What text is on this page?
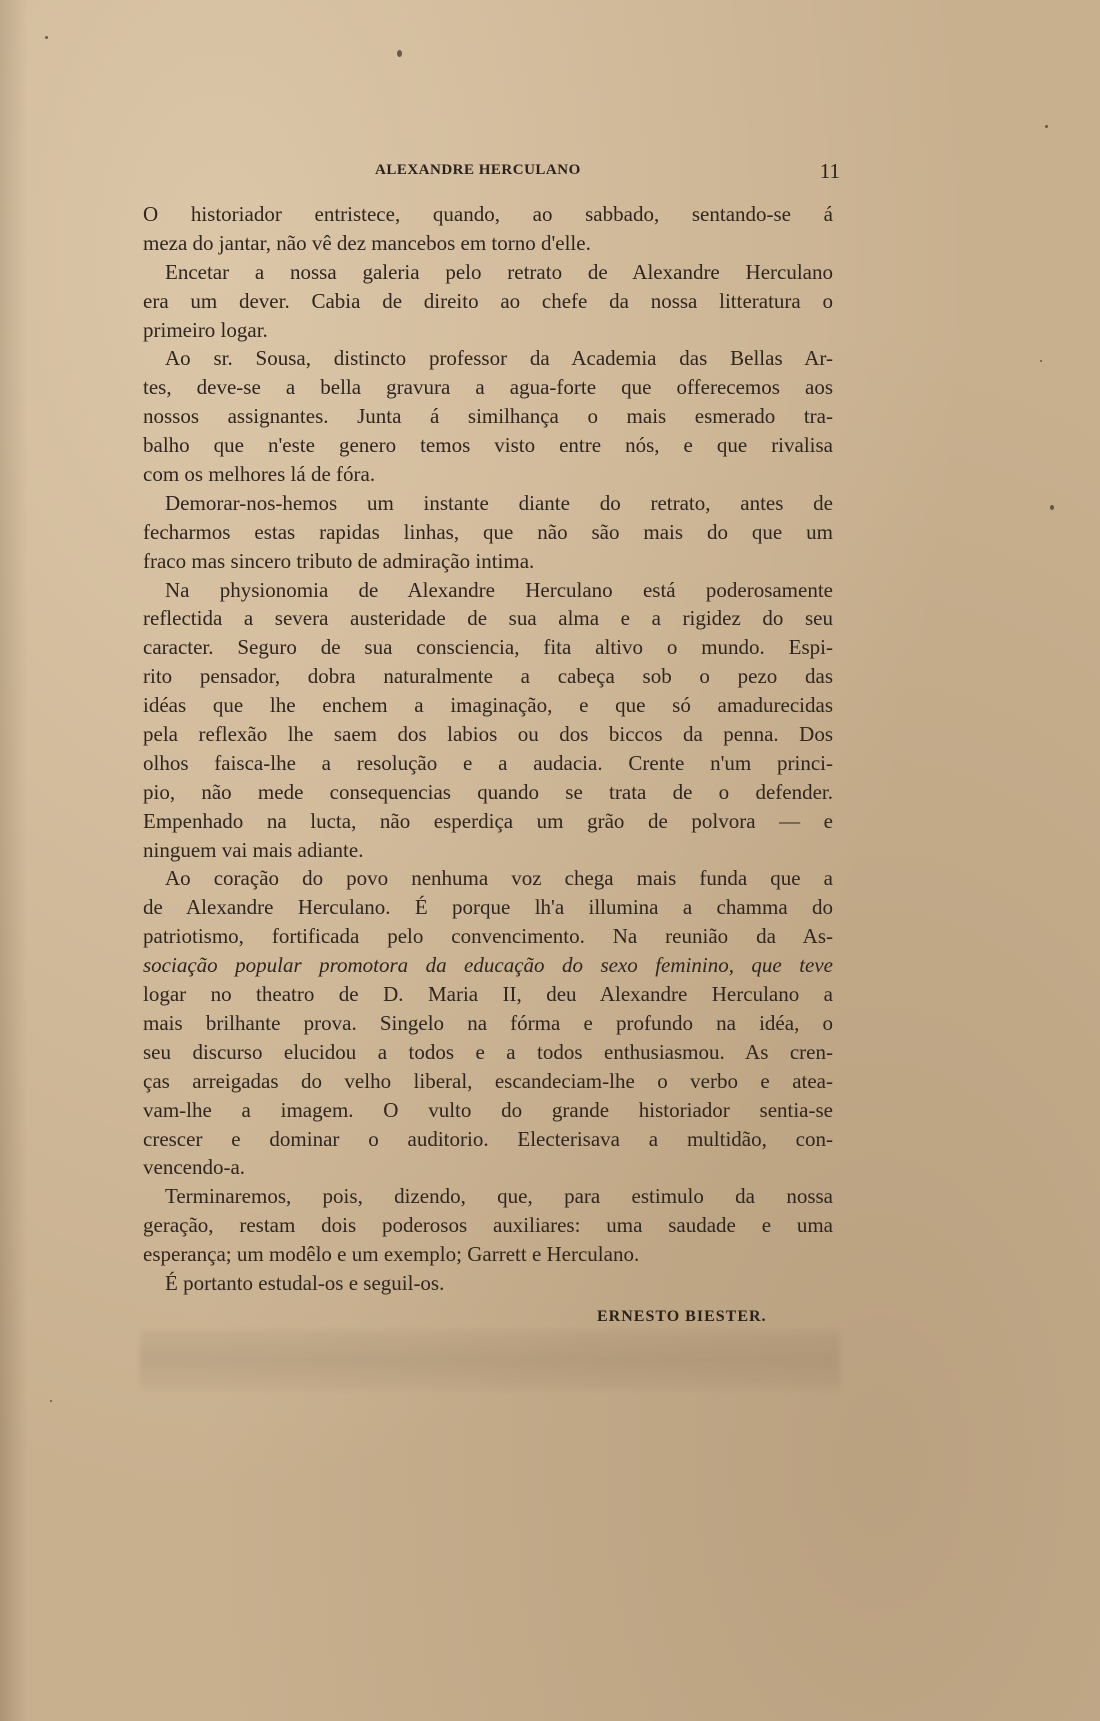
ALEXANDRE HERCULANO	11
O historiador entristece, quando, ao sabbado, sentando-se á
meza do jantar, não vê dez mancebos em torno d'elle.
Encetar a nossa galeria pelo retrato de Alexandre Herculano
era um dever. Cabia de direito ao chefe da nossa litteratura o
primeiro logar.
Ao sr. Sousa, distincto professor da Academia das Bellas Ar-
tes, deve-se a bella gravura a agua-forte que offerecemos aos
nossos assignantes. Junta á similhança o mais esmerado tra-
balho que n'este genero temos visto entre nós, e que rivalisa
com os melhores lá de fóra.
Demorar-nos-hemos um instante diante do retrato, antes de
fecharmos estas rapidas linhas, que não são mais do que um
fraco mas sincero tributo de admiração intima.
Na physionomia de Alexandre Herculano está poderosamente
reflectida a severa austeridade de sua alma e a rigidez do seu
caracter. Seguro de sua consciencia, fita altivo o mundo. Espi-
rito pensador, dobra naturalmente a cabeça sob o pezo das
idéas que lhe enchem a imaginação, e que só amadurecidas
pela reflexão lhe saem dos labios ou dos biccos da penna. Dos
olhos faisca-lhe a resolução e a audacia. Crente n'um princi-
pio, não mede consequencias quando se trata de o defender.
Empenhado na lucta, não esperdiça um grão de polvora — e
ninguem vai mais adiante.
Ao coração do povo nenhuma voz chega mais funda que a
de Alexandre Herculano. É porque lh'a illumina a chamma do
patriotismo, fortificada pelo convencimento. Na reunião da As-
sociação popular promotora da educação do sexo feminino, que teve
logar no theatro de D. Maria II, deu Alexandre Herculano a
mais brilhante prova. Singelo na fórma e profundo na idéa, o
seu discurso elucidou a todos e a todos enthusiasmou. As cren-
ças arreigadas do velho liberal, escandeciam-lhe o verbo e atea-
vam-lhe a imagem. O vulto do grande historiador sentia-se
crescer e dominar o auditorio. Electerisava a multidão, con-
vencendo-a.
Terminaremos, pois, dizendo, que, para estimulo da nossa
geração, restam dois poderosos auxiliares: uma saudade e uma
esperança; um modêlo e um exemplo; Garrett e Herculano.
É portanto estudal-os e seguil-os.
ERNESTO BIESTER.
